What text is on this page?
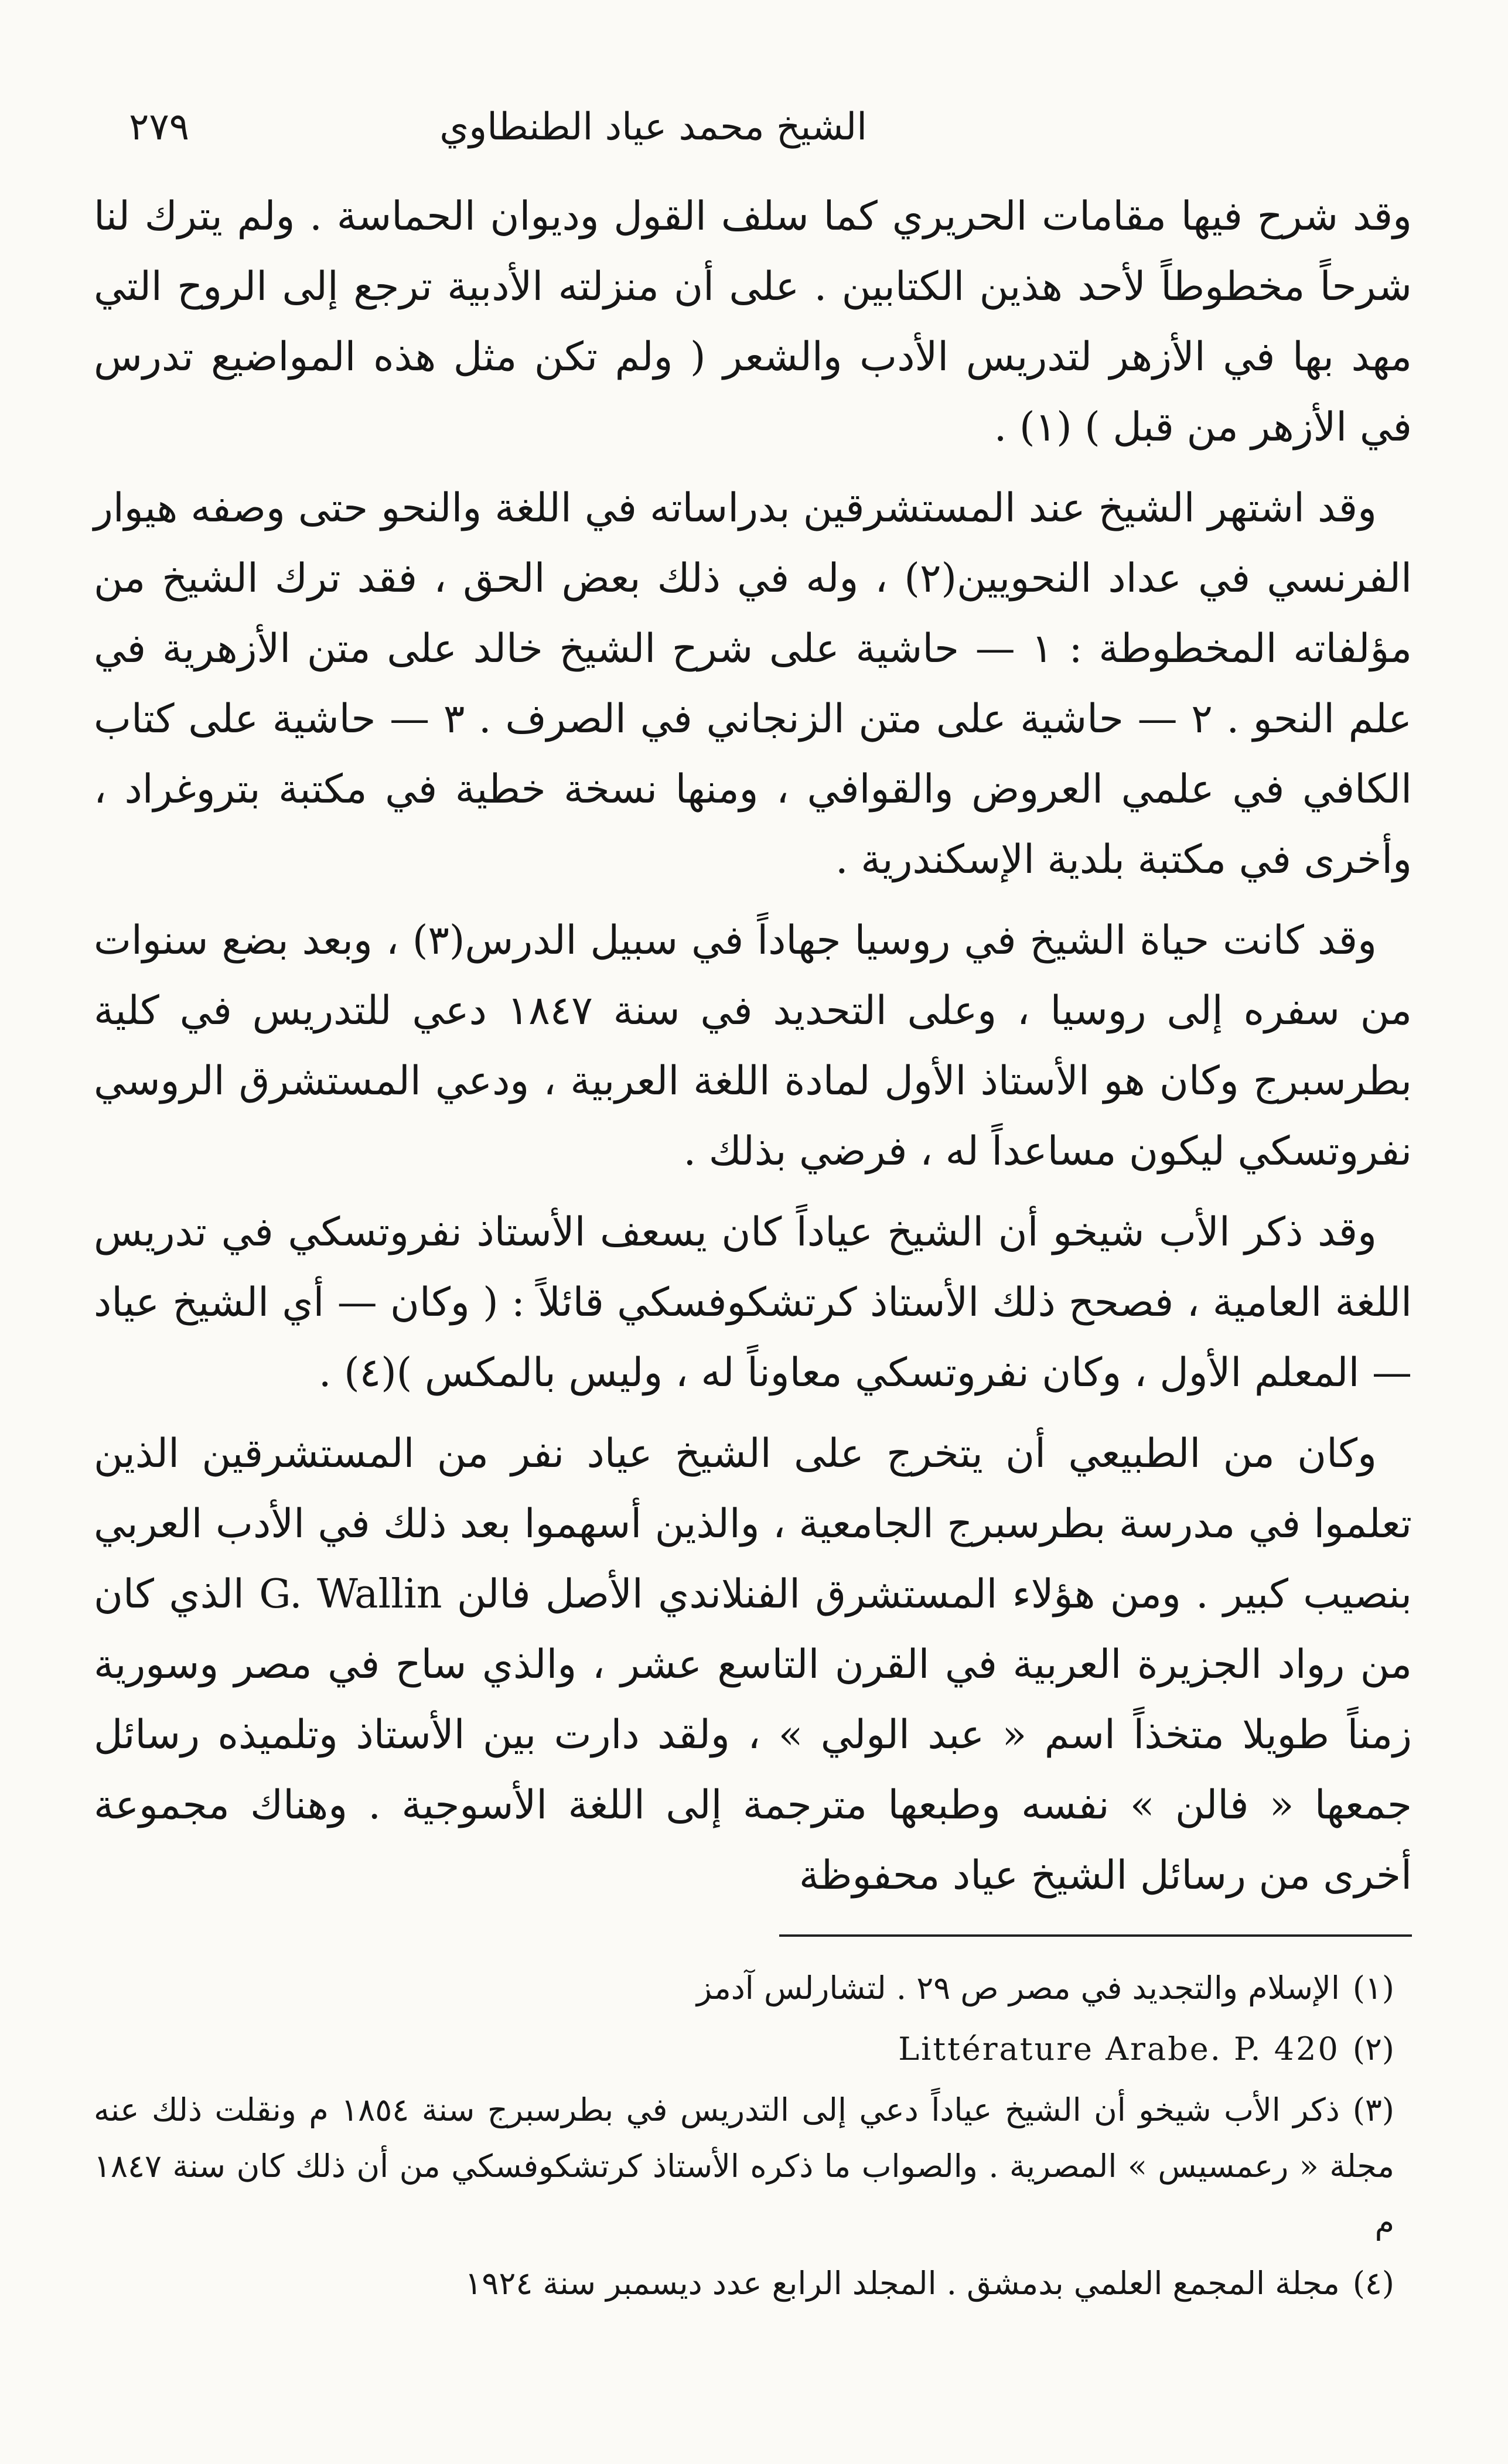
الشيخ محمد عياد الطنطاوي
٢٧٩

وقد شرح فيها مقامات الحريري كما سلف القول وديوان الحماسة . ولم يترك لنا شرحاً مخطوطاً لأحد هذين الكتابين . على أن منزلته الأدبية ترجع إلى الروح التي مهد بها في الأزهر لتدريس الأدب والشعر ( ولم تكن مثل هذه المواضيع تدرس في الأزهر من قبل ) (١) .

وقد اشتهر الشيخ عند المستشرقين بدراساته في اللغة والنحو حتى وصفه هيوار الفرنسي في عداد النحويين(٢) ، وله في ذلك بعض الحق ، فقد ترك الشيخ من مؤلفاته المخطوطة : ١ — حاشية على شرح الشيخ خالد على متن الأزهرية في علم النحو . ٢ — حاشية على متن الزنجاني في الصرف . ٣ — حاشية على كتاب الكافي في علمي العروض والقوافي ، ومنها نسخة خطية في مكتبة بتروغراد ، وأخرى في مكتبة بلدية الإسكندرية .

وقد كانت حياة الشيخ في روسيا جهاداً في سبيل الدرس(٣) ، وبعد بضع سنوات من سفره إلى روسيا ، وعلى التحديد في سنة ١٨٤٧ دعي للتدريس في كلية بطرسبرج وكان هو الأستاذ الأول لمادة اللغة العربية ، ودعي المستشرق الروسي نفروتسكي ليكون مساعداً له ، فرضي بذلك .

وقد ذكر الأب شيخو أن الشيخ عياداً كان يسعف الأستاذ نفروتسكي في تدريس اللغة العامية ، فصحح ذلك الأستاذ كرتشكوفسكي قائلاً : ( وكان — أي الشيخ عياد — المعلم الأول ، وكان نفروتسكي معاوناً له ، وليس بالمكس )(٤) .

وكان من الطبيعي أن يتخرج على الشيخ عياد نفر من المستشرقين الذين تعلموا في مدرسة بطرسبرج الجامعية ، والذين أسهموا بعد ذلك في الأدب العربي بنصيب كبير . ومن هؤلاء المستشرق الفنلاندي الأصل فالن G. Wallin الذي كان من رواد الجزيرة العربية في القرن التاسع عشر ، والذي ساح في مصر وسورية زمناً طويلا متخذاً اسم « عبد الولي » ، ولقد دارت بين الأستاذ وتلميذه رسائل جمعها « فالن » نفسه وطبعها مترجمة إلى اللغة الأسوجية . وهناك مجموعة أخرى من رسائل الشيخ عياد محفوظة

(١)الإسلام والتجديد في مصر ص ٢٩ . لتشارلس آدمز

(٢)Littérature Arabe. P. 420

(٣)ذكر الأب شيخو أن الشيخ عياداً دعي إلى التدريس في بطرسبرج سنة ١٨٥٤ م ونقلت ذلك عنه مجلة « رعمسيس » المصرية . والصواب ما ذكره الأستاذ كرتشكوفسكي من أن ذلك كان سنة ١٨٤٧ م

(٤)مجلة المجمع العلمي بدمشق . المجلد الرابع عدد ديسمبر سنة ١٩٢٤
